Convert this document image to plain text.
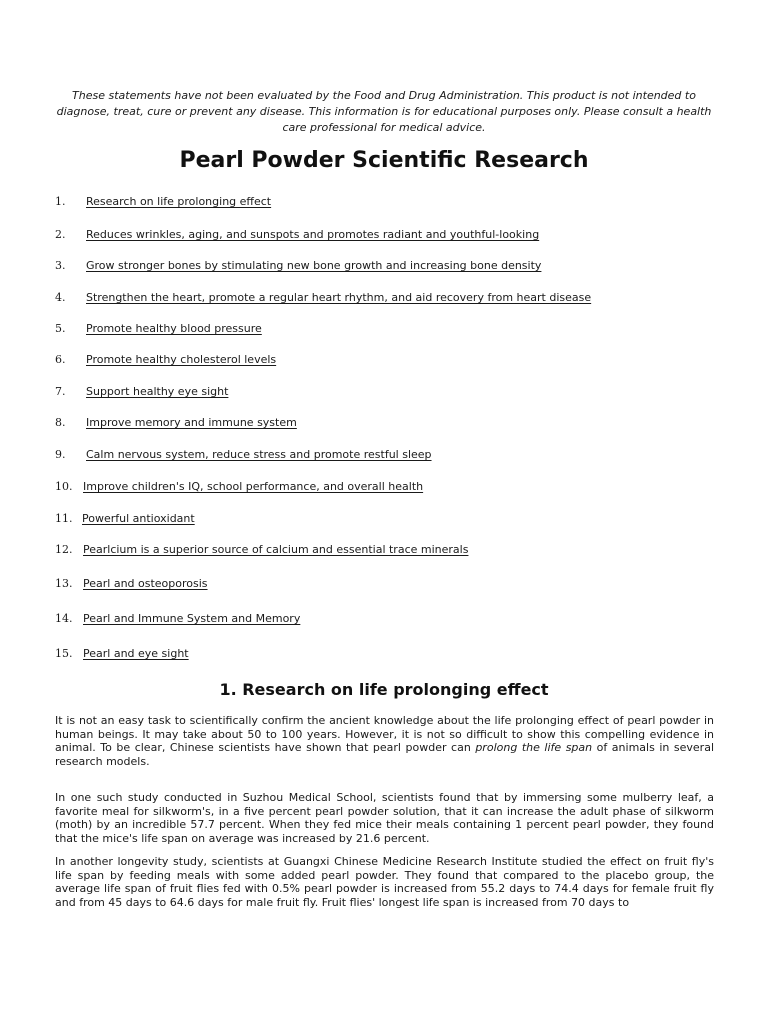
These statements have not been evaluated by the Food and Drug Administration. This product is not intended to diagnose, treat, cure or prevent any disease. This information is for educational purposes only. Please consult a health care professional for medical advice.
Pearl Powder Scientific Research
1. Research on life prolonging effect
2. Reduces wrinkles, aging, and sunspots and promotes radiant and youthful-looking
3. Grow stronger bones by stimulating new bone growth and increasing bone density
4. Strengthen the heart, promote a regular heart rhythm, and aid recovery from heart disease
5. Promote healthy blood pressure
6. Promote healthy cholesterol levels
7. Support healthy eye sight
8. Improve memory and immune system
9. Calm nervous system, reduce stress and promote restful sleep
10. Improve children's IQ, school performance, and overall health
11. Powerful antioxidant
12. Pearlcium is a superior source of calcium and essential trace minerals
13. Pearl and osteoporosis
14. Pearl and Immune System and Memory
15. Pearl and eye sight
1. Research on life prolonging effect

It is not an easy task to scientifically confirm the ancient knowledge about the life prolonging effect of pearl powder in human beings. It may take about 50 to 100 years. However, it is not so difficult to show this compelling evidence in animal. To be clear, Chinese scientists have shown that pearl powder can prolong the life span of animals in several research models.

In one such study conducted in Suzhou Medical School, scientists found that by immersing some mulberry leaf, a favorite meal for silkworm's, in a five percent pearl powder solution, that it can increase the adult phase of silkworm (moth) by an incredible 57.7 percent. When they fed mice their meals containing 1 percent pearl powder, they found that the mice's life span on average was increased by 21.6 percent.

In another longevity study, scientists at Guangxi Chinese Medicine Research Institute studied the effect on fruit fly's life span by feeding meals with some added pearl powder. They found that compared to the placebo group, the average life span of fruit flies fed with 0.5% pearl powder is increased from 55.2 days to 74.4 days for female fruit fly and from 45 days to 64.6 days for male fruit fly. Fruit flies' longest life span is increased from 70 days to
